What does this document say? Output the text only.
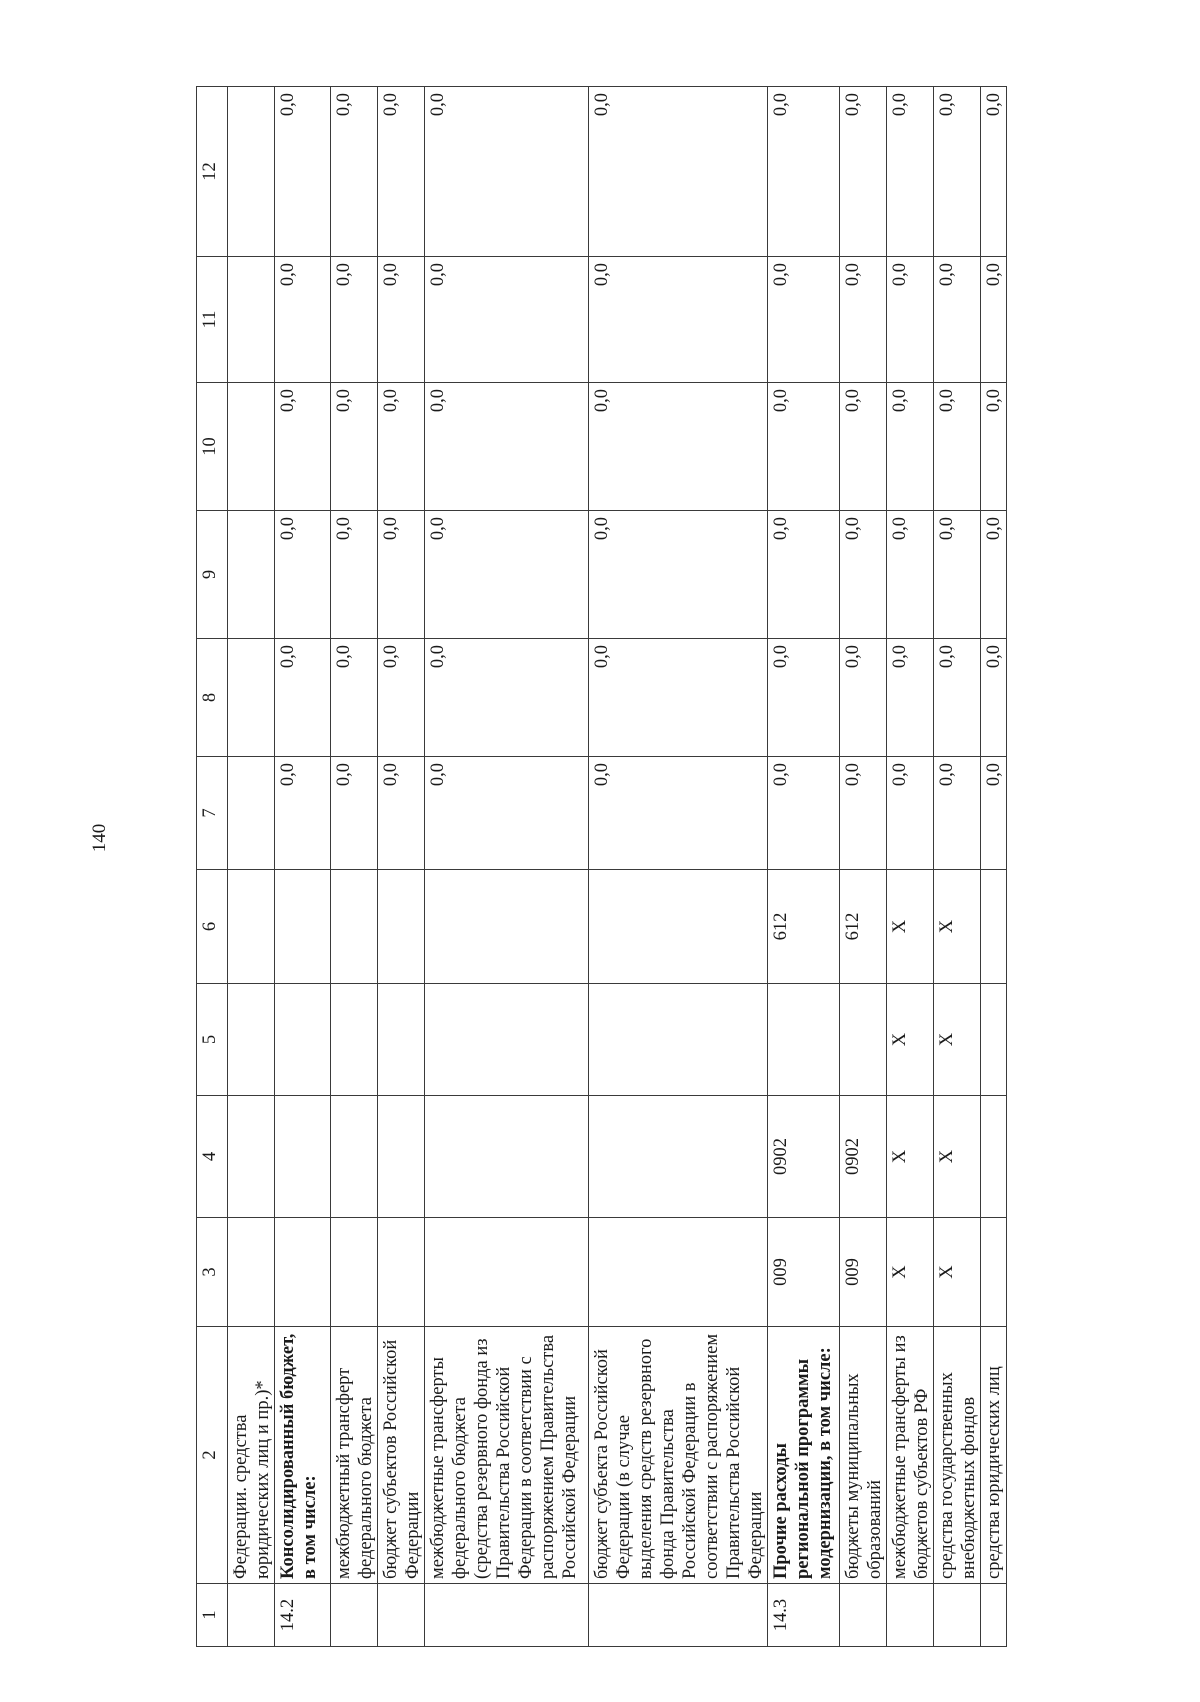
140
1	2	3	4	5	6	7	8	9	10	11	12
	Федерации. средства юридических лиц и пр.)*										
14.2	Консолидированный бюджет, в том числе:					0,0	0,0	0,0	0,0	0,0	0,0
	межбюджетный трансферт федерального бюджета					0,0	0,0	0,0	0,0	0,0	0,0
	бюджет субъектов Российской Федерации					0,0	0,0	0,0	0,0	0,0	0,0
	межбюджетные трансферты федерального бюджета (средства резервного фонда из Правительства Российской Федерации в соответствии с распоряжением Правительства Российской Федерации					0,0	0,0	0,0	0,0	0,0	0,0
	бюджет субъекта Российской Федерации (в случае выделения средств резервного фонда Правительства Российской Федерации в соответствии с распоряжением Правительства Российской Федерации					0,0	0,0	0,0	0,0	0,0	0,0
14.3	Прочие расходы региональной программы модернизации, в том числе:	009	0902		612	0,0	0,0	0,0	0,0	0,0	0,0
	бюджеты муниципальных образований	009	0902		612	0,0	0,0	0,0	0,0	0,0	0,0
	межбюджетные трансферты из бюджетов субъектов РФ	X	X	X	X	0,0	0,0	0,0	0,0	0,0	0,0
	средства государственных внебюджетных фондов	X	X	X	X	0,0	0,0	0,0	0,0	0,0	0,0
	средства юридических лиц					0,0	0,0	0,0	0,0	0,0	0,0
